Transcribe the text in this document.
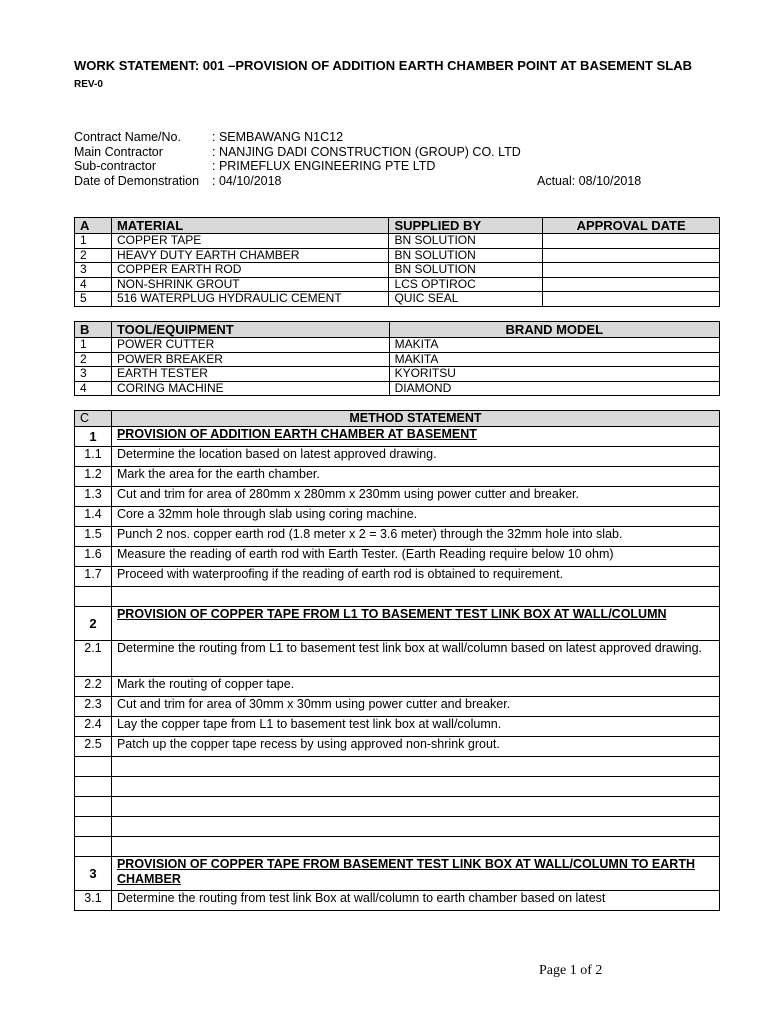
WORK STATEMENT: 001 –PROVISION OF ADDITION EARTH CHAMBER POINT AT BASEMENT SLAB REV-0
Contract Name/No. : SEMBAWANG N1C12
Main Contractor	: NANJING DADI CONSTRUCTION (GROUP) CO. LTD
Sub-contractor	: PRIMEFLUX ENGINEERING PTE LTD
Date of Demonstration : 04/10/2018	Actual: 08/10/2018
A	MATERIAL	SUPPLIED BY	APPROVAL DATE
1	COPPER TAPE	BN SOLUTION	
2	HEAVY DUTY EARTH CHAMBER	BN SOLUTION	
3	COPPER EARTH ROD	BN SOLUTION	
4	NON-SHRINK GROUT	LCS OPTIROC	
5	516 WATERPLUG HYDRAULIC CEMENT	QUIC SEAL	
B	TOOL/EQUIPMENT	BRAND MODEL
1	POWER CUTTER	MAKITA
2	POWER BREAKER	MAKITA
3	EARTH TESTER	KYORITSU
4	CORING MACHINE	DIAMOND
C	METHOD STATEMENT
1	PROVISION OF ADDITION EARTH CHAMBER AT BASEMENT
1.1	Determine the location based on latest approved drawing.
1.2	Mark the area for the earth chamber.
1.3	Cut and trim for area of 280mm x 280mm x 230mm using power cutter and breaker.
1.4	Core a 32mm hole through slab using coring machine.
1.5	Punch 2 nos. copper earth rod (1.8 meter x 2 = 3.6 meter) through the 32mm hole into slab.
1.6	Measure the reading of earth rod with Earth Tester. (Earth Reading require below 10 ohm)
1.7	Proceed with waterproofing if the reading of earth rod is obtained to requirement.

2	PROVISION OF COPPER TAPE FROM L1 TO BASEMENT TEST LINK BOX AT WALL/COLUMN
2.1	Determine the routing from L1 to basement test link box at wall/column based on latest approved drawing.
2.2	Mark the routing of copper tape.
2.3	Cut and trim for area of 30mm x 30mm using power cutter and breaker.
2.4	Lay the copper tape from L1 to basement test link box at wall/column.
2.5	Patch up the copper tape recess by using approved non-shrink grout.

3	PROVISION OF COPPER TAPE FROM BASEMENT TEST LINK BOX AT WALL/COLUMN TO EARTH CHAMBER
3.1	Determine the routing from test link Box at wall/column to earth chamber based on latest
Page 1 of 2
